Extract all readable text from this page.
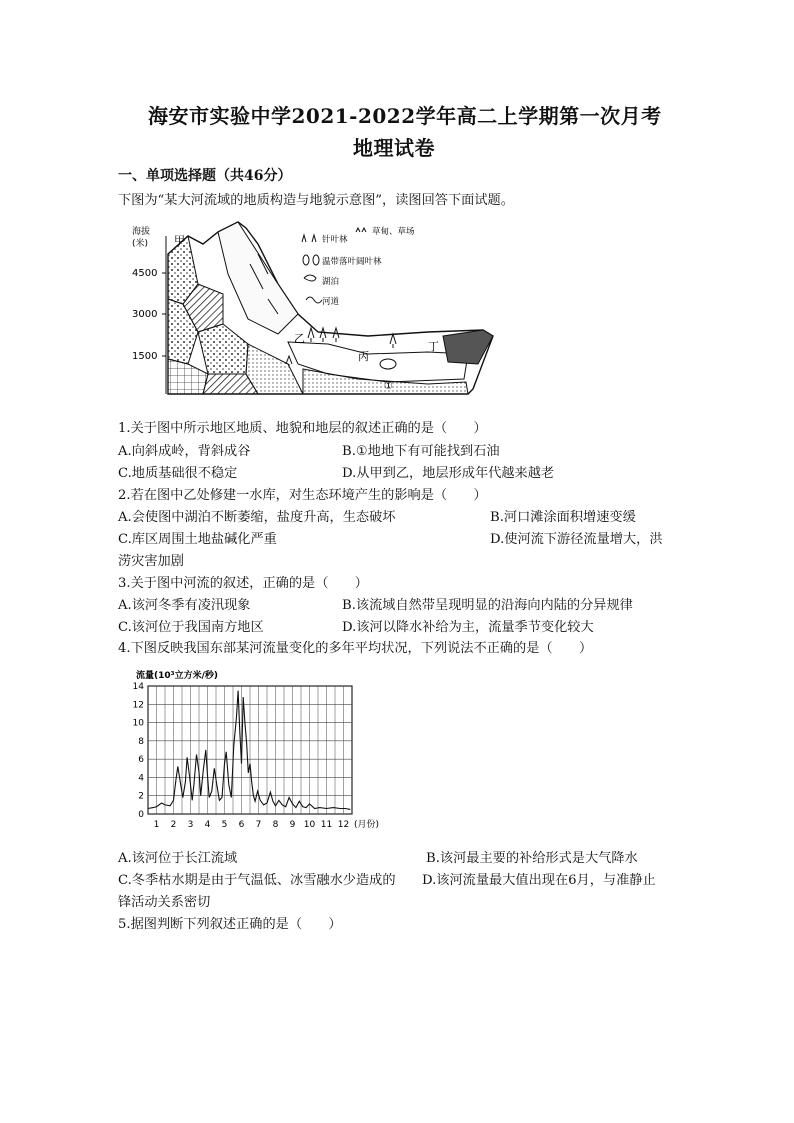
海安市实验中学2021-2022学年高二上学期第一次月考
地理试卷
一、单项选择题（共46分）
下图为“某大河流域的地质构造与地貌示意图”，读图回答下面试题。
海拔
(米)
4500
3000
1500
甲
乙
丙
丁
①
针叶林
温带落叶阔叶林
湖泊
河道
草甸、草场
1.关于图中所示地区地质、地貌和地层的叙述正确的是（　　）
A.向斜成岭，背斜成谷	B.①地地下有可能找到石油
C.地质基础很不稳定	D.从甲到乙，地层形成年代越来越老
2.若在图中乙处修建一水库，对生态环境产生的影响是（　　）
A.会使图中湖泊不断萎缩，盐度升高，生态破坏	B.河口滩涂面积增速变缓
C.库区周围土地盐碱化严重	D.使河流下游径流量增大，洪
涝灾害加剧
3.关于图中河流的叙述，正确的是（　　）
A.该河冬季有凌汛现象	B.该流域自然带呈现明显的沿海向内陆的分异规律
C.该河位于我国南方地区	D.该河以降水补给为主，流量季节变化较大
4.下图反映我国东部某河流量变化的多年平均状况，下列说法不正确的是（　　）
流量(10³立方米/秒)
0
2
4
6
8
10
12
14
1 2 3 4 5 6 7 8 9 10 11 12 (月份)
A.该河位于长江流域	B.该河最主要的补给形式是大气降水
C.冬季枯水期是由于气温低、冰雪融水少造成的 D.该河流量最大值出现在6月，与准静止
锋活动关系密切
5.据图判断下列叙述正确的是（　　）
